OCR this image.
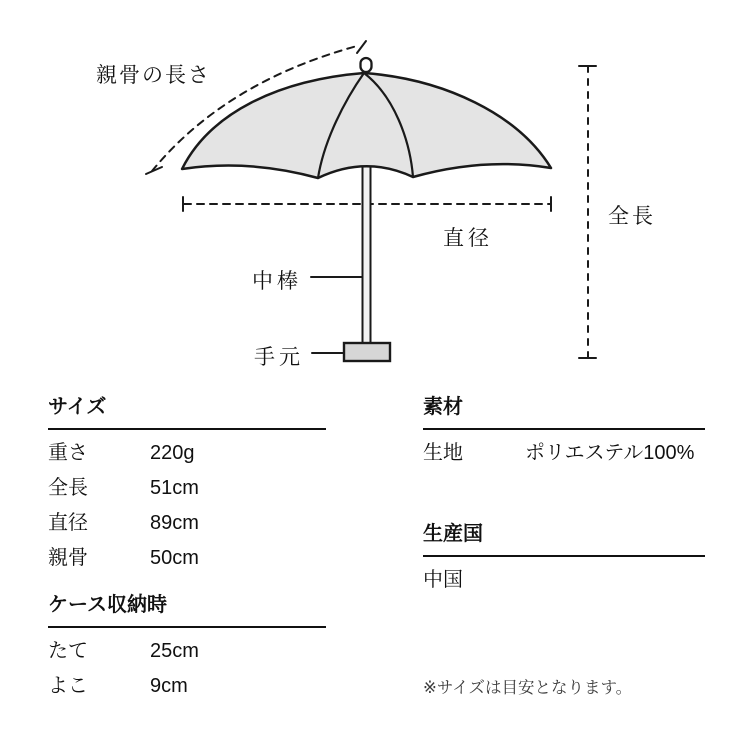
親骨の長さ
全長
直径
中棒
手元
サイズ
重さ	220g
全長	51cm
直径	89cm
親骨	50cm
ケース収納時
たて	25cm
よこ	9cm
素材
生地	ポリエステル100%
生産国
中国
※サイズは目安となります。
